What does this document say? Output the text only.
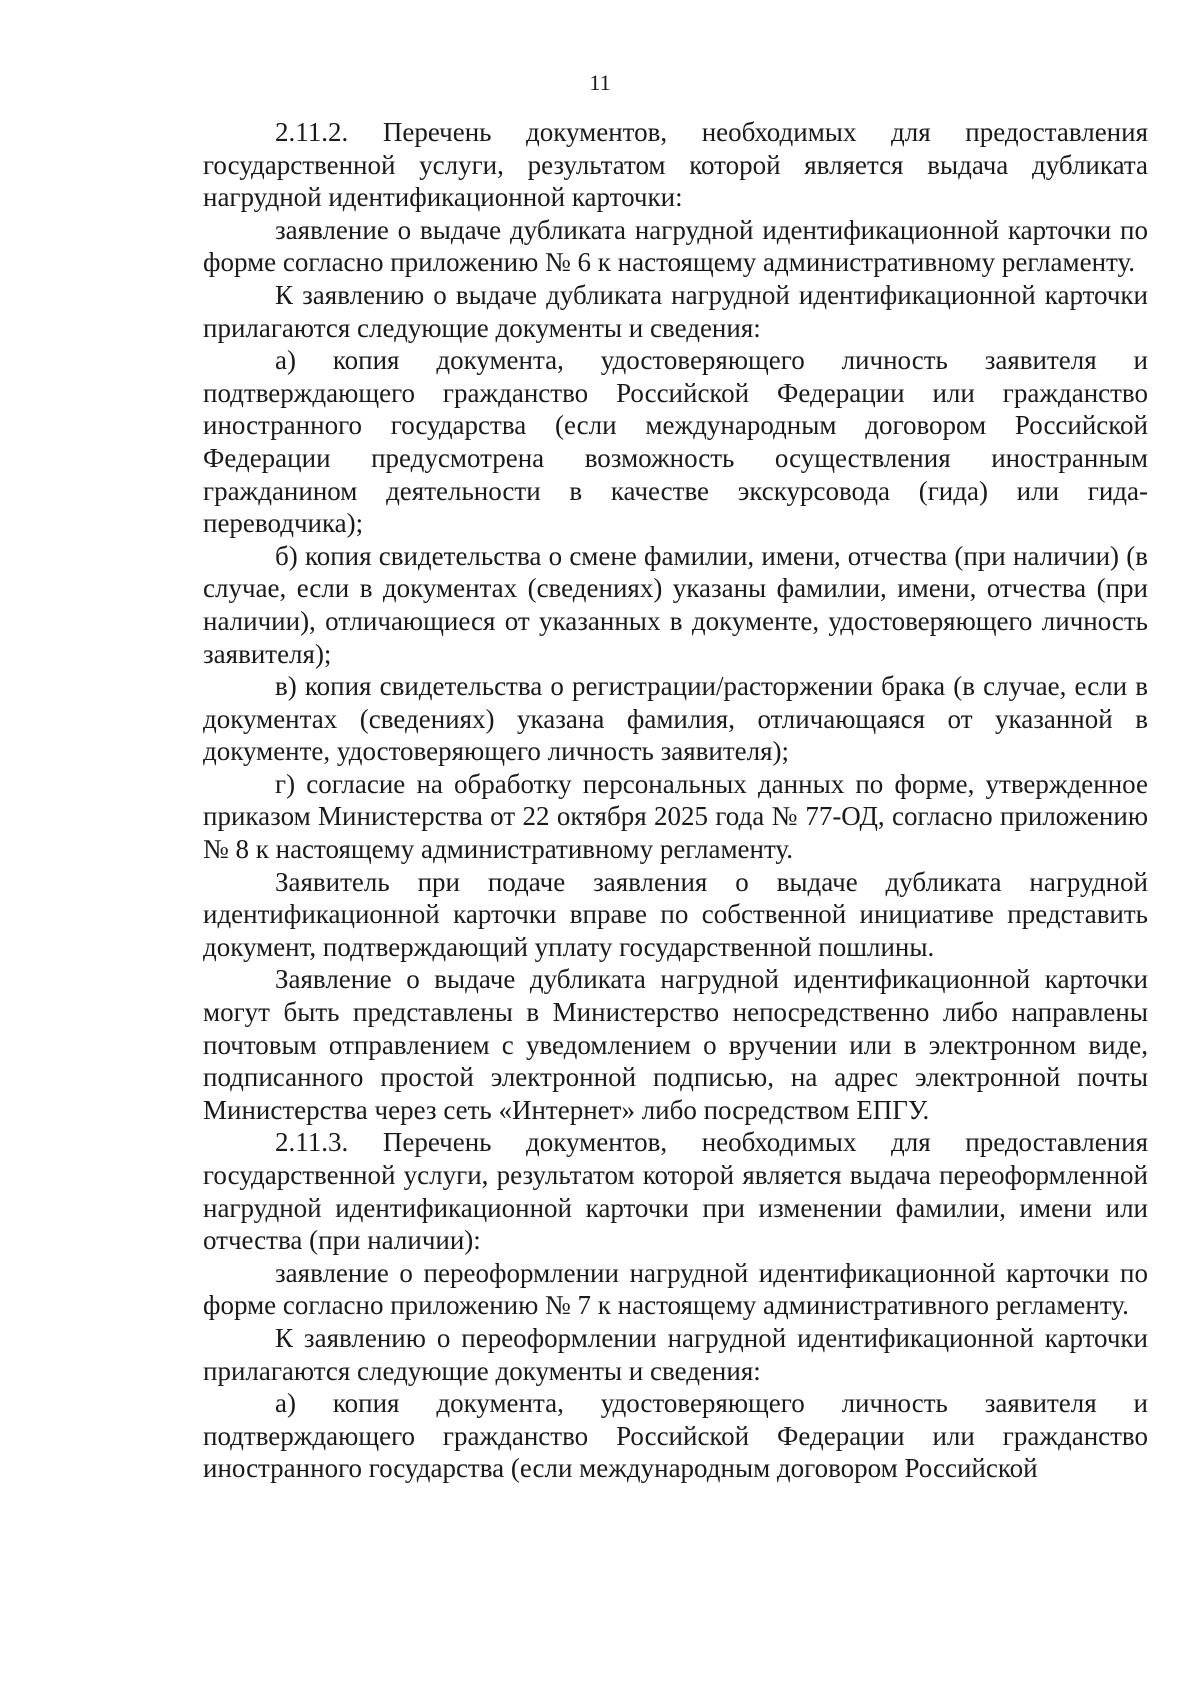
11

2.11.2. Перечень документов, необходимых для предоставления государственной услуги, результатом которой является выдача дубликата нагрудной идентификационной карточки:

заявление о выдаче дубликата нагрудной идентификационной карточки по форме согласно приложению № 6 к настоящему административному регламенту.

К заявлению о выдаче дубликата нагрудной идентификационной карточки прилагаются следующие документы и сведения:

а) копия документа, удостоверяющего личность заявителя и подтверждающего гражданство Российской Федерации или гражданство иностранного государства (если международным договором Российской Федерации предусмотрена возможность осуществления иностранным гражданином деятельности в качестве экскурсовода (гида) или гида-переводчика);

б) копия свидетельства о смене фамилии, имени, отчества (при наличии) (в случае, если в документах (сведениях) указаны фамилии, имени, отчества (при наличии), отличающиеся от указанных в документе, удостоверяющего личность заявителя);

в) копия свидетельства о регистрации/расторжении брака (в случае, если в документах (сведениях) указана фамилия, отличающаяся от указанной в документе, удостоверяющего личность заявителя);

г) согласие на обработку персональных данных по форме, утвержденное приказом Министерства от 22 октября 2025 года № 77-ОД, согласно приложению № 8 к настоящему административному регламенту.

Заявитель при подаче заявления о выдаче дубликата нагрудной идентификационной карточки вправе по собственной инициативе представить документ, подтверждающий уплату государственной пошлины.

Заявление о выдаче дубликата нагрудной идентификационной карточки могут быть представлены в Министерство непосредственно либо направлены почтовым отправлением с уведомлением о вручении или в электронном виде, подписанного простой электронной подписью, на адрес электронной почты Министерства через сеть «Интернет» либо посредством ЕПГУ.

2.11.3. Перечень документов, необходимых для предоставления государственной услуги, результатом которой является выдача переоформленной нагрудной идентификационной карточки при изменении фамилии, имени или отчества (при наличии):

заявление о переоформлении нагрудной идентификационной карточки по форме согласно приложению № 7 к настоящему административного регламенту.

К заявлению о переоформлении нагрудной идентификационной карточки прилагаются следующие документы и сведения:

а) копия документа, удостоверяющего личность заявителя и подтверждающего гражданство Российской Федерации или гражданство иностранного государства (если международным договором Российской
